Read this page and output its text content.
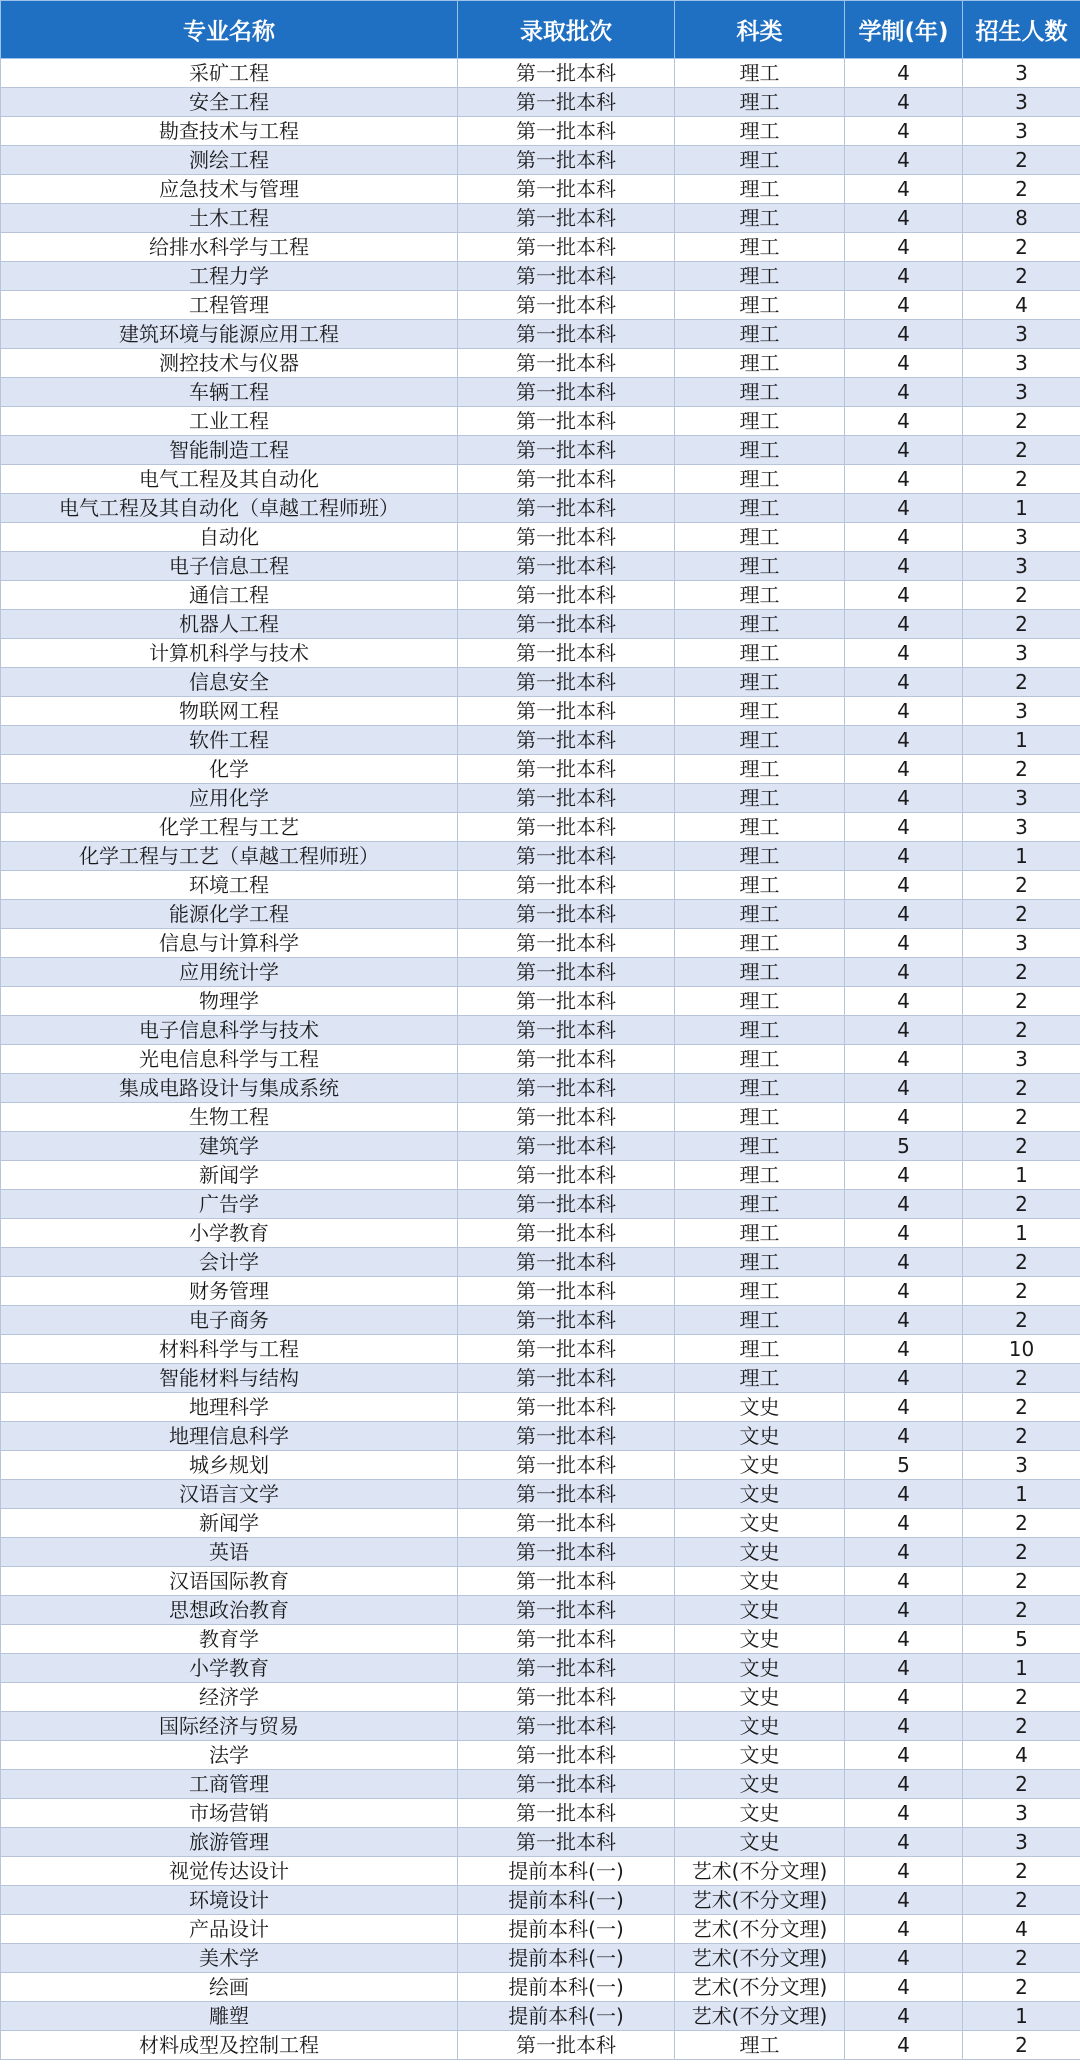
专业名称	录取批次	科类	学制(年)	招生人数
采矿工程	第一批本科	理工	4	3
安全工程	第一批本科	理工	4	3
勘查技术与工程	第一批本科	理工	4	3
测绘工程	第一批本科	理工	4	2
应急技术与管理	第一批本科	理工	4	2
土木工程	第一批本科	理工	4	8
给排水科学与工程	第一批本科	理工	4	2
工程力学	第一批本科	理工	4	2
工程管理	第一批本科	理工	4	4
建筑环境与能源应用工程	第一批本科	理工	4	3
测控技术与仪器	第一批本科	理工	4	3
车辆工程	第一批本科	理工	4	3
工业工程	第一批本科	理工	4	2
智能制造工程	第一批本科	理工	4	2
电气工程及其自动化	第一批本科	理工	4	2
电气工程及其自动化（卓越工程师班）	第一批本科	理工	4	1
自动化	第一批本科	理工	4	3
电子信息工程	第一批本科	理工	4	3
通信工程	第一批本科	理工	4	2
机器人工程	第一批本科	理工	4	2
计算机科学与技术	第一批本科	理工	4	3
信息安全	第一批本科	理工	4	2
物联网工程	第一批本科	理工	4	3
软件工程	第一批本科	理工	4	1
化学	第一批本科	理工	4	2
应用化学	第一批本科	理工	4	3
化学工程与工艺	第一批本科	理工	4	3
化学工程与工艺（卓越工程师班）	第一批本科	理工	4	1
环境工程	第一批本科	理工	4	2
能源化学工程	第一批本科	理工	4	2
信息与计算科学	第一批本科	理工	4	3
应用统计学	第一批本科	理工	4	2
物理学	第一批本科	理工	4	2
电子信息科学与技术	第一批本科	理工	4	2
光电信息科学与工程	第一批本科	理工	4	3
集成电路设计与集成系统	第一批本科	理工	4	2
生物工程	第一批本科	理工	4	2
建筑学	第一批本科	理工	5	2
新闻学	第一批本科	理工	4	1
广告学	第一批本科	理工	4	2
小学教育	第一批本科	理工	4	1
会计学	第一批本科	理工	4	2
财务管理	第一批本科	理工	4	2
电子商务	第一批本科	理工	4	2
材料科学与工程	第一批本科	理工	4	10
智能材料与结构	第一批本科	理工	4	2
地理科学	第一批本科	文史	4	2
地理信息科学	第一批本科	文史	4	2
城乡规划	第一批本科	文史	5	3
汉语言文学	第一批本科	文史	4	1
新闻学	第一批本科	文史	4	2
英语	第一批本科	文史	4	2
汉语国际教育	第一批本科	文史	4	2
思想政治教育	第一批本科	文史	4	2
教育学	第一批本科	文史	4	5
小学教育	第一批本科	文史	4	1
经济学	第一批本科	文史	4	2
国际经济与贸易	第一批本科	文史	4	2
法学	第一批本科	文史	4	4
工商管理	第一批本科	文史	4	2
市场营销	第一批本科	文史	4	3
旅游管理	第一批本科	文史	4	3
视觉传达设计	提前本科(一)	艺术(不分文理)	4	2
环境设计	提前本科(一)	艺术(不分文理)	4	2
产品设计	提前本科(一)	艺术(不分文理)	4	4
美术学	提前本科(一)	艺术(不分文理)	4	2
绘画	提前本科(一)	艺术(不分文理)	4	2
雕塑	提前本科(一)	艺术(不分文理)	4	1
材料成型及控制工程	第一批本科	理工	4	2
